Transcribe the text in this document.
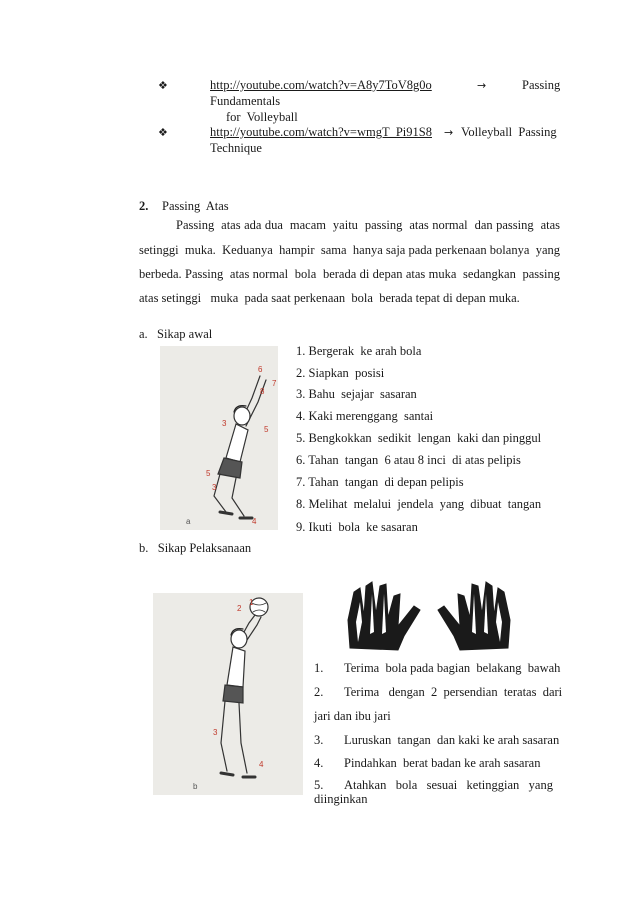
❖	http://youtube.com/watch?v=A8y7ToV8g0o	→	Passing
Fundamentals
for  Volleyball
❖	http://youtube.com/watch?v=wmgT_Pi91S8 → Volleyball  Passing
Technique
2. Passing  Atas
Passing  atas ada dua  macam  yaitu  passing  atas normal  dan passing  atas
setinggi  muka.  Keduanya  hampir  sama  hanya saja pada perkenaan bolanya  yang
berbeda. Passing  atas normal  bola  berada di depan atas muka  sedangkan  passing
atas setinggi   muka  pada saat perkenaan  bola  berada tepat di depan muka.
a.   Sikap awal
6
7
8
3
5
5
3
4
a
1. Bergerak  ke arah bola
2. Siapkan  posisi
3. Bahu  sejajar  sasaran
4. Kaki merenggang  santai
5. Bengkokkan  sedikit  lengan  kaki dan pinggul
6. Tahan  tangan  6 atau 8 inci  di atas pelipis
7. Tahan  tangan  di depan pelipis
8. Melihat  melalui  jendela  yang  dibuat  tangan
9. Ikuti  bola  ke sasaran
b.   Sikap Pelaksanaan
1
2
3
4
b
1. Terima  bola pada bagian  belakang  bawah
2. Terima   dengan  2  persendian  teratas  dari
jari dan ibu jari
3. Luruskan  tangan  dan kaki ke arah sasaran
4. Pindahkan  berat badan ke arah sasaran
5. Atahkan   bola   sesuai   ketinggian   yang
diinginkan
